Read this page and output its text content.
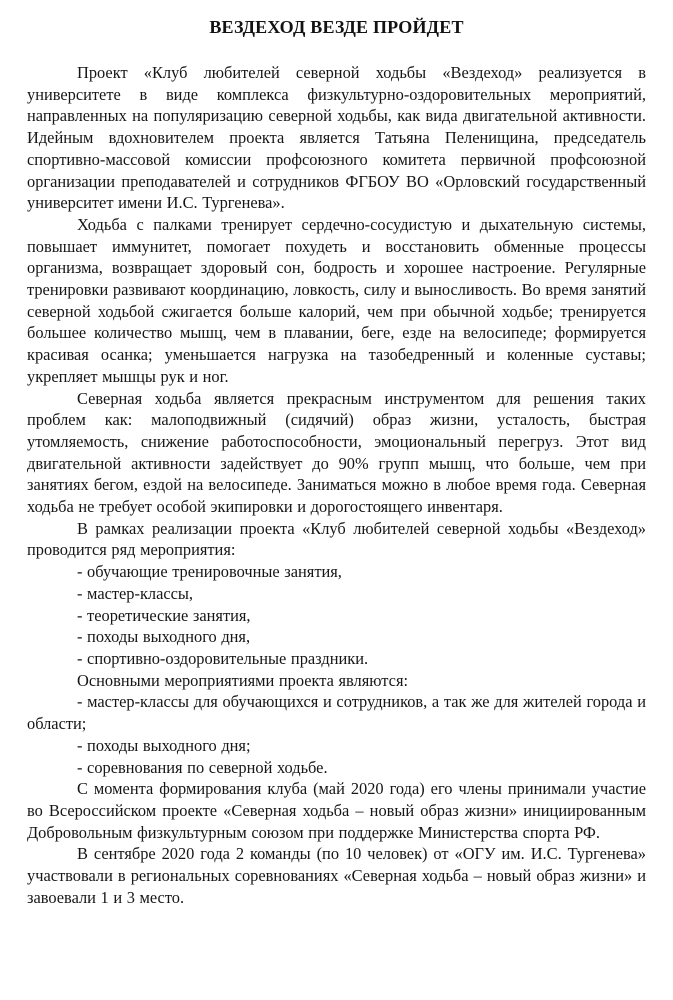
ВЕЗДЕХОД ВЕЗДЕ ПРОЙДЕТ

Проект «Клуб любителей северной ходьбы «Вездеход» реализуется в университете в виде комплекса физкультурно-оздоровительных мероприятий, направленных на популяризацию северной ходьбы, как вида двигательной активности. Идейным вдохновителем проекта является Татьяна Пеленищина, председатель спортивно-массовой комиссии профсоюзного комитета первичной профсоюзной организации преподавателей и сотрудников ФГБОУ ВО «Орловский государственный университет имени И.С. Тургенева».

Ходьба с палками тренирует сердечно-сосудистую и дыхательную системы, повышает иммунитет, помогает похудеть и восстановить обменные процессы организма, возвращает здоровый сон, бодрость и хорошее настроение. Регулярные тренировки развивают координацию, ловкость, силу и выносливость. Во время занятий северной ходьбой сжигается больше калорий, чем при обычной ходьбе; тренируется большее количество мышц, чем в плавании, беге, езде на велосипеде; формируется красивая осанка; уменьшается нагрузка на тазобедренный и коленные суставы; укрепляет мышцы рук и ног.

Северная ходьба является прекрасным инструментом для решения таких проблем как: малоподвижный (сидячий) образ жизни, усталость, быстрая утомляемость, снижение работоспособности, эмоциональный перегруз. Этот вид двигательной активности задействует до 90% групп мышц, что больше, чем при занятиях бегом, ездой на велосипеде. Заниматься можно в любое время года. Северная ходьба не требует особой экипировки и дорогостоящего инвентаря.

В рамках реализации проекта «Клуб любителей северной ходьбы «Вездеход» проводится ряд мероприятия:

- обучающие тренировочные занятия,

- мастер-классы,

- теоретические занятия,

- походы выходного дня,

- спортивно-оздоровительные праздники.

Основными мероприятиями проекта являются:

- мастер-классы для обучающихся и сотрудников, а так же для жителей города и области;

- походы выходного дня;

- соревнования по северной ходьбе.

С момента формирования клуба (май 2020 года) его члены принимали участие во Всероссийском проекте «Северная ходьба – новый образ жизни» инициированным Добровольным физкультурным союзом при поддержке Министерства спорта РФ.

В сентябре 2020 года 2 команды (по 10 человек) от «ОГУ им. И.С. Тургенева» участвовали в региональных соревнованиях «Северная ходьба – новый образ жизни» и завоевали 1 и 3 место.
